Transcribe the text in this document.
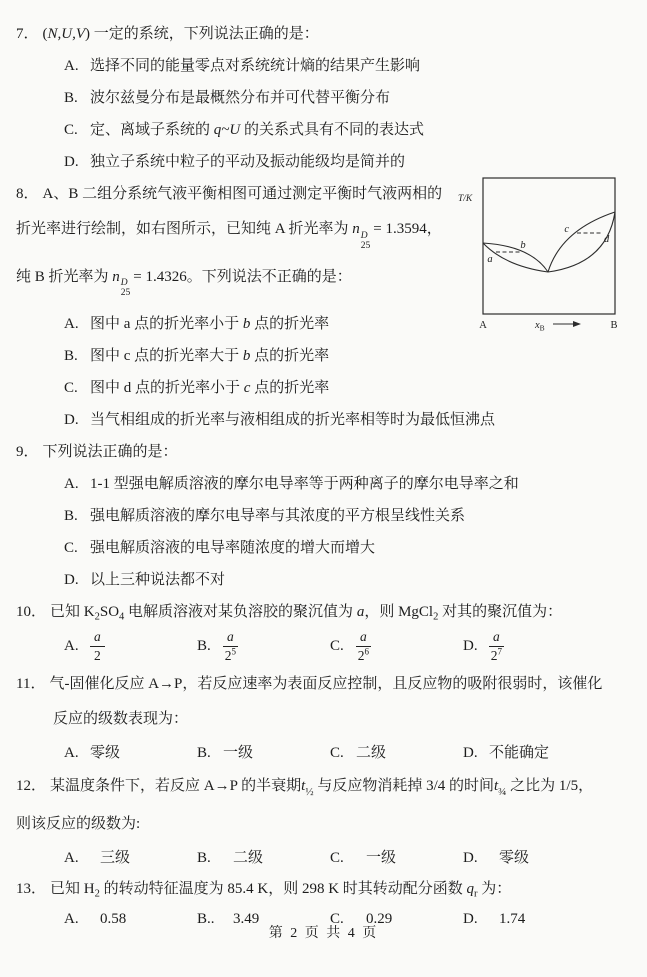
7． (N,U,V) 一定的系统，下列说法正确的是：
A. 选择不同的能量零点对系统统计熵的结果产生影响
B. 波尔兹曼分布是最概然分布并可代替平衡分布
C. 定、离域子系统的 q~U 的关系式具有不同的表达式
D. 独立子系统中粒子的平动及振动能级均是简并的
T/K
a
b
c
d
A	B
$x_B$
8． A、B 二组分系统气液平衡相图可通过测定平衡时气液两相的
折光率进行绘制，如右图所示，已知纯 A 折光率为 n D
25
= 1.3594，
纯 B 折光率为 n D
25
= 1.4326。下列说法不正确的是：
A. 图中 a 点的折光率小于 b 点的折光率
B. 图中 c 点的折光率大于 b 点的折光率
C. 图中 d 点的折光率小于 c 点的折光率
D. 当气相组成的折光率与液相组成的折光率相等时为最低恒沸点
9． 下列说法正确的是：
A. 1-1 型强电解质溶液的摩尔电导率等于两种离子的摩尔电导率之和
B. 强电解质溶液的摩尔电导率与其浓度的平方根呈线性关系
C. 强电解质溶液的电导率随浓度的增大而增大
D. 以上三种说法都不对
10． 已知 $K_2SO_4$ 电解质溶液对某负溶胶的聚沉值为 a，则 MgCl$_2$ 对其的聚沉值为：
A. $\frac{a}{2}$	B. $\frac{a}{2^5}$	C. $\frac{a}{2^6}$	D. $\frac{a}{2^7}$
11． 气-固催化反应 A→P，若反应速率为表面反应控制，且反应物的吸附很弱时，该催化
反应的级数表现为：
A. 零级	B. 一级	C. 二级	D. 不能确定
12． 某温度条件下，若反应 A→P 的半衰期$t_{\frac{1}{2}}$ 与反应物消耗掉 3/4 的时间$t_{\frac{3}{4}}$ 之比为 1/5，
则该反应的级数为:
A. 三级	B. 二级	C. 一级	D. 零级
13． 已知 $H_2$ 的转动特征温度为 85.4 K，则 298 K 时其转动配分函数 $q_r$ 为：
A. 0.58	B.. 3.49	C. 0.29	D. 1.74
第 2 页 共 4 页
